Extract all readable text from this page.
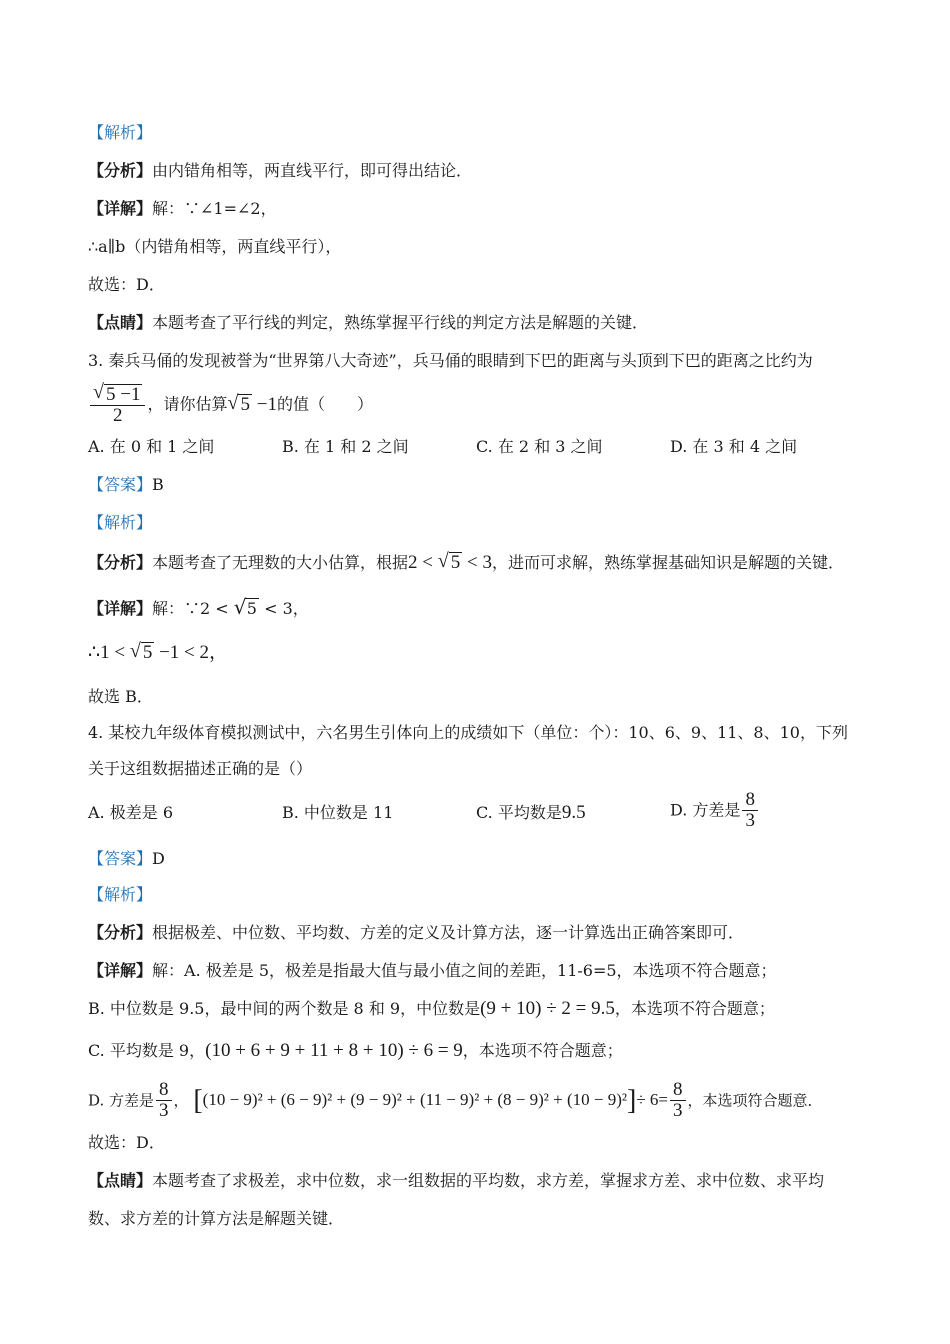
【解析】
【分析】由内错角相等，两直线平行，即可得出结论．
【详解】解：∵∠1=∠2，
∴a∥b（内错角相等，两直线平行），
故选：D．
【点睛】本题考查了平行线的判定，熟练掌握平行线的判定方法是解题的关键．
3. 秦兵马俑的发现被誉为“世界第八大奇迹”，兵马俑的眼睛到下巴的距离与头顶到下巴的距离之比约为
√ $\frac{5 -1}{2}$ ，请你估算 √ 5 −1的值（　　）
A. 在 0 和 1 之间	B. 在 1 和 2 之间	C. 在 2 和 3 之间	D. 在 3 和 4 之间
【答案】B
【解析】
【分析】本题考查了无理数的大小估算，根据2 < √ 5 < 3，进而可求解，熟练掌握基础知识是解题的关键．
【详解】解：∵2 < √ 5 < 3，
∴1 < √ 5 −1 < 2，
故选 B．
4. 某校九年级体育模拟测试中，六名男生引体向上的成绩如下（单位：个）：10、6、9、11、8、10，下列
关于这组数据描述正确的是（）
A. 极差是 6	B. 中位数是 11	C. 平均数是9.5	D. 方差是 $\frac{8}{3}$
【答案】D
【解析】
【分析】根据极差、中位数、平均数、方差的定义及计算方法，逐一计算选出正确答案即可．
【详解】解：A. 极差是 5，极差是指最大值与最小值之间的差距，11-6=5，本选项不符合题意；
B. 中位数是 9.5，最中间的两个数是 8 和 9，中位数是(9 + 10) ÷ 2 = 9.5，本选项不符合题意；
C. 平均数是 9，(10 + 6 + 9 + 11 + 8 + 10) ÷ 6 = 9，本选项不符合题意；
D. 方差是 $\frac{8}{3}$ ， $[(10 - 9)^2 + (6 - 9)^2 + (9 - 9)^2 + (11 - 9)^2 + (8 - 9)^2 + (10 - 9)^2]\div 6= \frac{8}{3}$ ，本选项符合题意．
故选：D．
【点睛】本题考查了求极差，求中位数，求一组数据的平均数，求方差，掌握求方差、求中位数、求平均
数、求方差的计算方法是解题关键．
